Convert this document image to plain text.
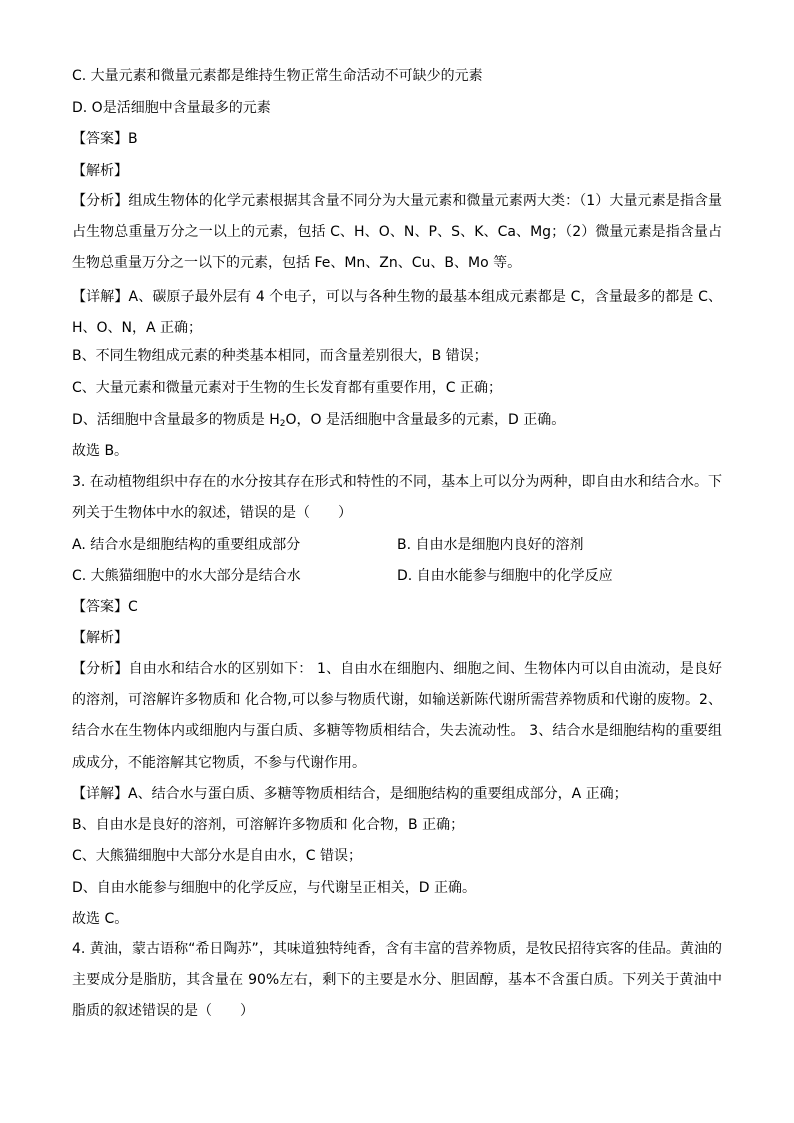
C. 大量元素和微量元素都是维持生物正常生命活动不可缺少的元素
D. O是活细胞中含量最多的元素
【答案】B
【解析】
【分析】组成生物体的化学元素根据其含量不同分为大量元素和微量元素两大类：（1）大量元素是指含量占生物总重量万分之一以上的元素，包括 C、H、O、N、P、S、K、Ca、Mg；（2）微量元素是指含量占生物总重量万分之一以下的元素，包括 Fe、Mn、Zn、Cu、B、Mo 等。
【详解】A、碳原子最外层有 4 个电子，可以与各种生物的最基本组成元素都是 C，含量最多的都是 C、H、O、N，A 正确；
B、不同生物组成元素的种类基本相同，而含量差别很大，B 错误；
C、大量元素和微量元素对于生物的生长发育都有重要作用，C 正确；
D、活细胞中含量最多的物质是 $H_2O$，O 是活细胞中含量最多的元素，D 正确。
故选 B。
3. 在动植物组织中存在的水分按其存在形式和特性的不同，基本上可以分为两种，即自由水和结合水。下列关于生物体中水的叙述，错误的是（　　）
A. 结合水是细胞结构的重要组成部分	B. 自由水是细胞内良好的溶剂
C. 大熊猫细胞中的水大部分是结合水	D. 自由水能参与细胞中的化学反应
【答案】C
【解析】
【分析】自由水和结合水的区别如下： 1、自由水在细胞内、细胞之间、生物体内可以自由流动，是良好的溶剂，可溶解许多物质和 化合物,可以参与物质代谢，如输送新陈代谢所需营养物质和代谢的废物。2、结合水在生物体内或细胞内与蛋白质、多糖等物质相结合，失去流动性。 3、结合水是细胞结构的重要组成成分，不能溶解其它物质，不参与代谢作用。
【详解】A、结合水与蛋白质、多糖等物质相结合，是细胞结构的重要组成部分，A 正确；
B、自由水是良好的溶剂，可溶解许多物质和 化合物，B 正确；
C、大熊猫细胞中大部分水是自由水，C 错误；
D、自由水能参与细胞中的化学反应，与代谢呈正相关，D 正确。
故选 C。
4. 黄油，蒙古语称“希日陶苏”，其味道独特纯香，含有丰富的营养物质，是牧民招待宾客的佳品。黄油的主要成分是脂肪，其含量在 90%左右，剩下的主要是水分、胆固醇，基本不含蛋白质。下列关于黄油中脂质的叙述错误的是（　　）
